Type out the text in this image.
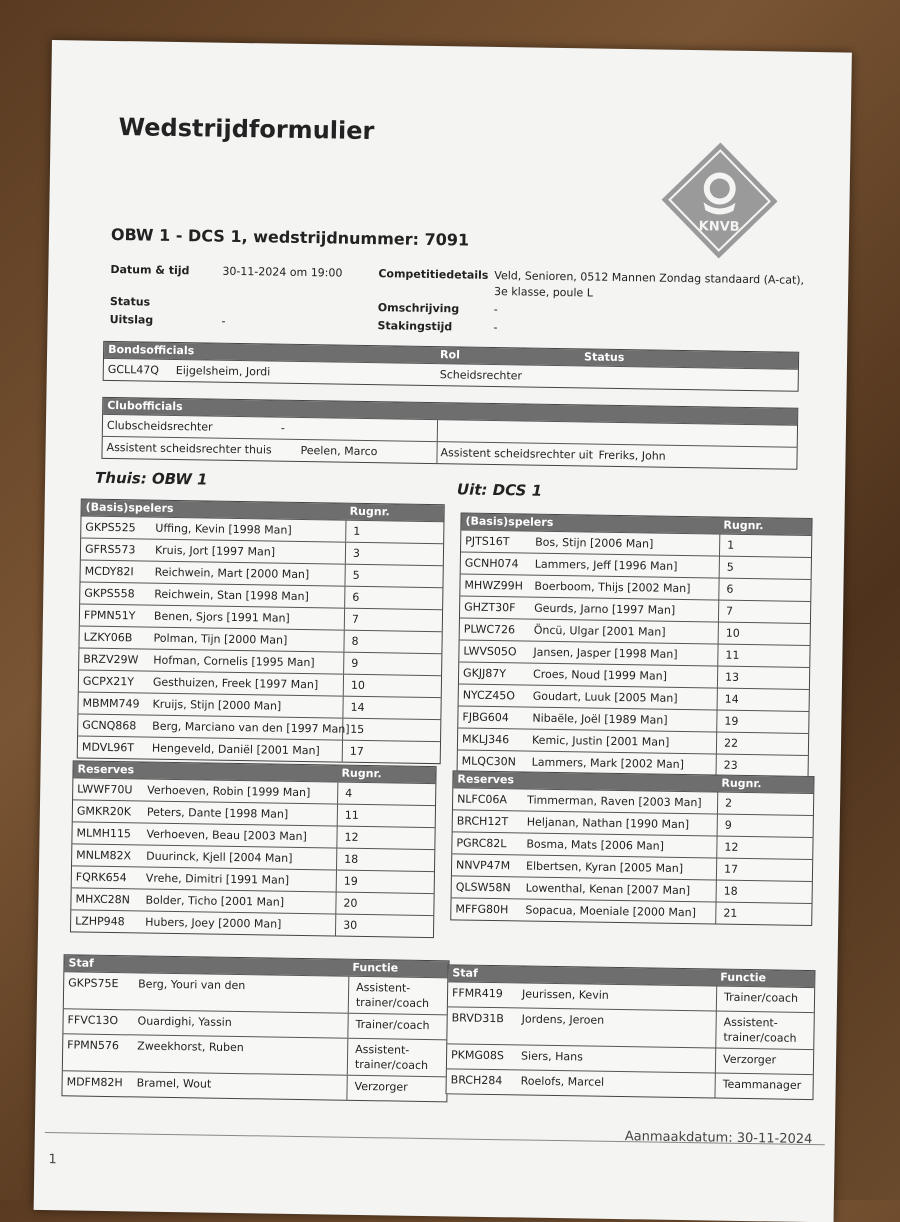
Wedstrijdformulier
KNVB
OBW 1 - DCS 1, wedstrijdnummer: 7091
Datum & tijd	30-11-2024 om 19:00
Status
Uitslag	-
Competitiedetails Veld, Senioren, 0512 Mannen Zondag standaard (A-cat),
3e klasse, poule L
Omschrijving	-
Stakingstijd	-
Bondsofficials	Rol	Status
GCLL47Q Eijgelsheim, Jordi	Scheidsrechter
Clubofficials
Clubscheidsrechter	-
Assistent scheidsrechter thuis	Peelen, Marco	Assistent scheidsrechter uit Freriks, John
Thuis: OBW 1
Uit: DCS 1
(Basis)spelers	Rugnr.
GKPS525 Uffing, Kevin [1998 Man]	1
GFRS573 Kruis, Jort [1997 Man]	3
MCDY82I Reichwein, Mart [2000 Man]	5
GKPS558 Reichwein, Stan [1998 Man]	6
FPMN51Y Benen, Sjors [1991 Man]	7
LZKY06B Polman, Tijn [2000 Man]	8
BRZV29W Hofman, Cornelis [1995 Man]	9
GCPX21Y Gesthuizen, Freek [1997 Man]	10
MBMM749 Kruijs, Stijn [2000 Man]	14
GCNQ868 Berg, Marciano van den [1997 Man] 15
MDVL96T Hengeveld, Daniël [2001 Man]	17
Reserves	Rugnr.
LWWF70U Verhoeven, Robin [1999 Man]	4
GMKR20K Peters, Dante [1998 Man]	11
MLMH115 Verhoeven, Beau [2003 Man]	12
MNLM82X Duurinck, Kjell [2004 Man]	18
FQRK654 Vrehe, Dimitri [1991 Man]	19
MHXC28N Bolder, Ticho [2001 Man]	20
LZHP948 Hubers, Joey [2000 Man]	30
Staf	Functie
GKPS75E Berg, Youri van den	Assistent-
trainer/coach
FFVC13O Ouardighi, Yassin	Trainer/coach
FPMN576 Zweekhorst, Ruben	Assistent-
trainer/coach
MDFM82H Bramel, Wout	Verzorger
(Basis)spelers	Rugnr.
PJTS16T Bos, Stijn [2006 Man]	1
GCNH074 Lammers, Jeff [1996 Man]	5
MHWZ99H Boerboom, Thijs [2002 Man]	6
GHZT30F Geurds, Jarno [1997 Man]	7
PLWC726 Öncü, Ulgar [2001 Man]	10
LWVS05O Jansen, Jasper [1998 Man]	11
GKJJ87Y Croes, Noud [1999 Man]	13
NYCZ45O Goudart, Luuk [2005 Man]	14
FJBG604 Nibaële, Joël [1989 Man]	19
MKLJ346 Kemic, Justin [2001 Man]	22
MLQC30N Lammers, Mark [2002 Man]	23
Reserves	Rugnr.
NLFC06A Timmerman, Raven [2003 Man] 2
BRCH12T Heljanan, Nathan [1990 Man]	9
PGRC82L Bosma, Mats [2006 Man]	12
NNVP47M Elbertsen, Kyran [2005 Man]	17
QLSW58N Lowenthal, Kenan [2007 Man]	18
MFFG80H Sopacua, Moeniale [2000 Man] 21
Staf	Functie
FFMR419 Jeurissen, Kevin	Trainer/coach
BRVD31B Jordens, Jeroen	Assistent-
trainer/coach
PKMG08S Siers, Hans	Verzorger
BRCH284 Roelofs, Marcel	Teammanager
Aanmaakdatum: 30-11-2024
1
